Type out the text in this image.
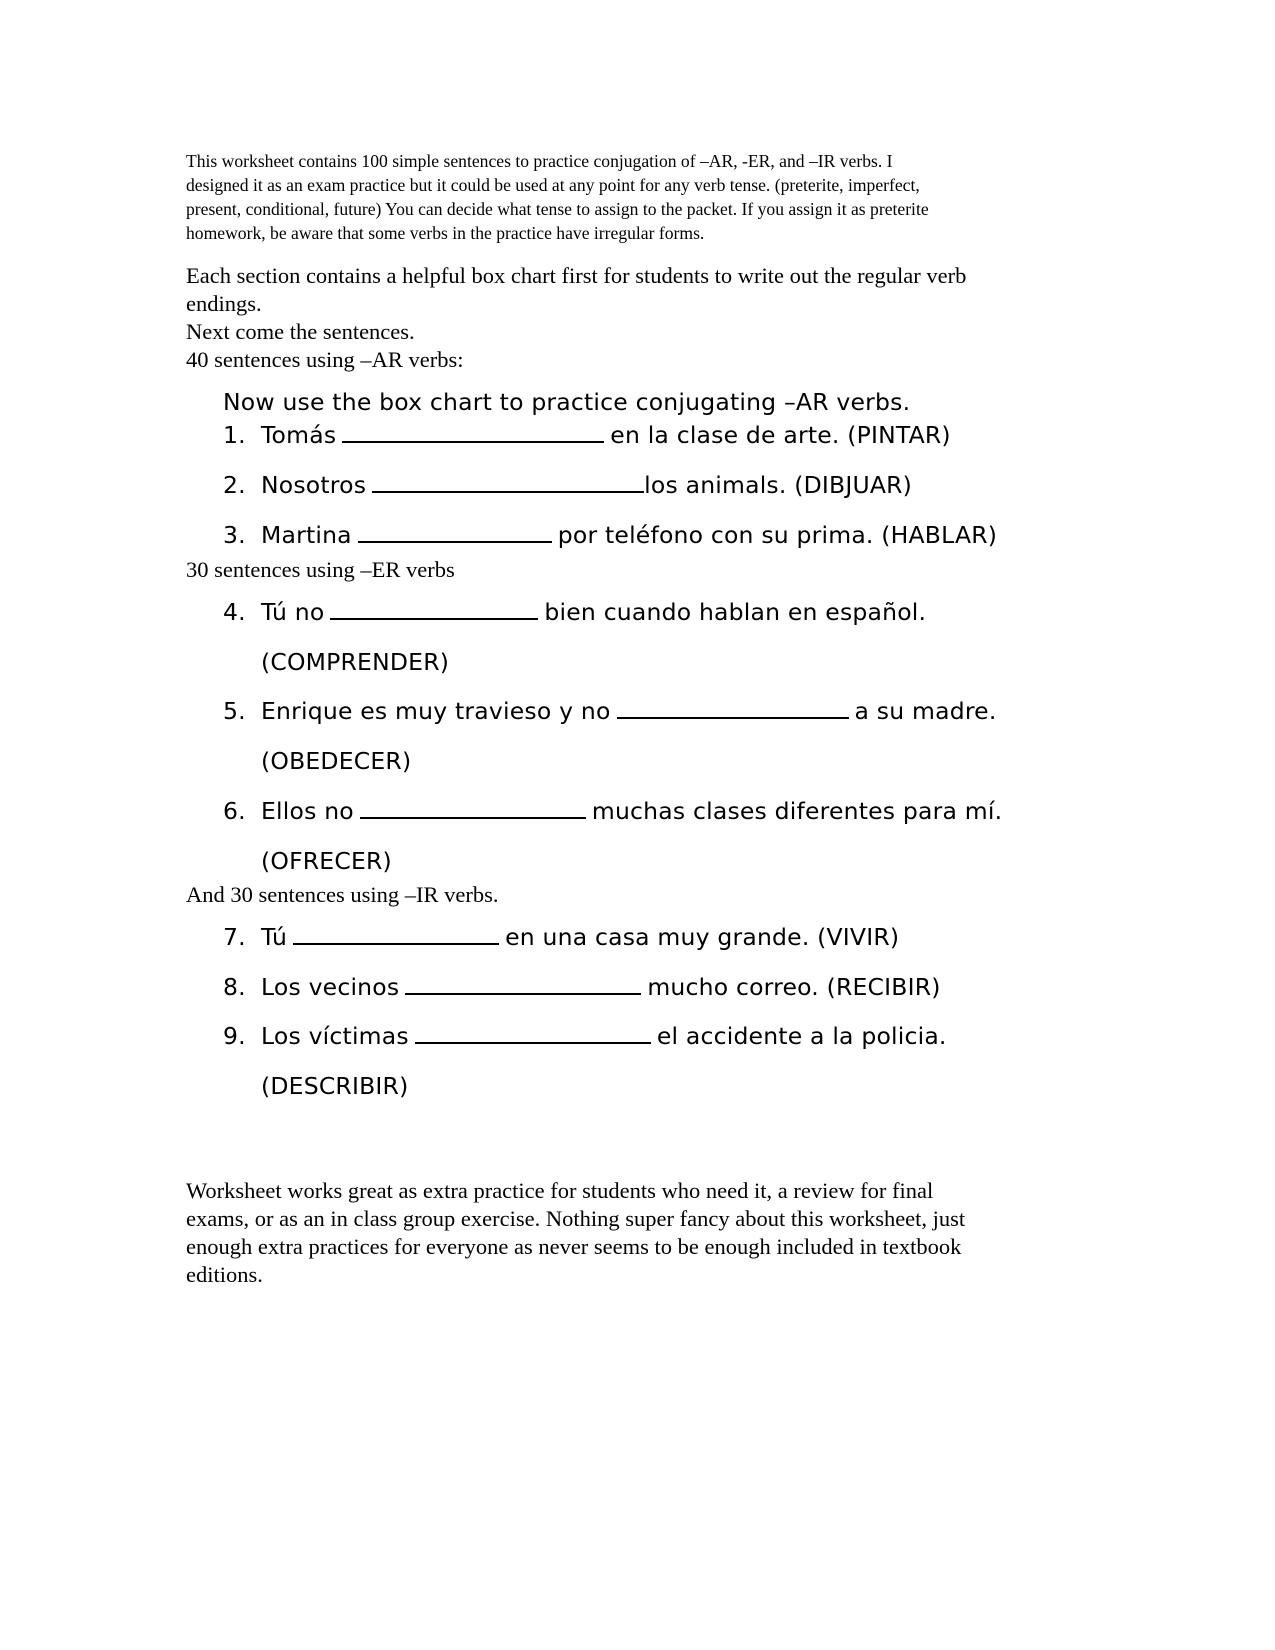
This worksheet contains 100 simple sentences to practice conjugation of –AR, -ER, and –IR verbs. I
designed it as an exam practice but it could be used at any point for any verb tense. (preterite, imperfect,
present, conditional, future) You can decide what tense to assign to the packet. If you assign it as preterite
homework, be aware that some verbs in the practice have irregular forms.
Each section contains a helpful box chart first for students to write out the regular verb
endings.
Next come the sentences.
40 sentences using –AR verbs:
Now use the box chart to practice conjugating –AR verbs.
1. Tomás	en la clase de arte. (PINTAR)
2. Nosotros	los animals. (DIBJUAR)
3. Martina	por teléfono con su prima. (HABLAR)
30 sentences using –ER verbs
4. Tú no	bien cuando hablan en español.
(COMPRENDER)
5. Enrique es muy travieso y no	a su madre.
(OBEDECER)
6. Ellos no	muchas clases diferentes para mí.
(OFRECER)
And 30 sentences using –IR verbs.
7. Tú	en una casa muy grande. (VIVIR)
8. Los vecinos	mucho correo. (RECIBIR)
9. Los víctimas	el accidente a la policia.
(DESCRIBIR)
Worksheet works great as extra practice for students who need it, a review for final
exams, or as an in class group exercise. Nothing super fancy about this worksheet, just
enough extra practices for everyone as never seems to be enough included in textbook
editions.
